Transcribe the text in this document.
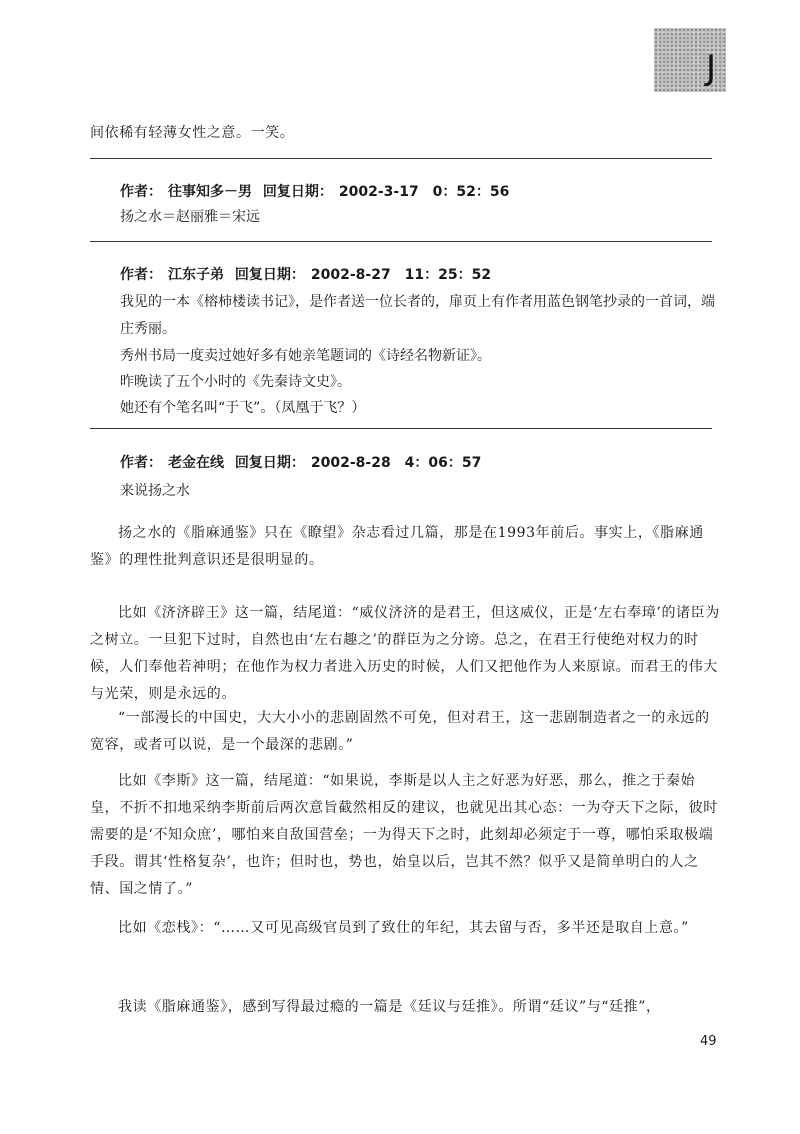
J

间依稀有轻薄女性之意。一笑。

作者： 往事知多－男 回复日期： 2002-3-17　0：52：56

扬之水＝赵丽雅＝宋远

作者： 江东子弟 回复日期： 2002-8-27　11：25：52

我见的一本《榕柿楼读书记》，是作者送一位长者的，扉页上有作者用蓝色钢笔抄录的一首词，端庄秀丽。

秀州书局一度卖过她好多有她亲笔题词的《诗经名物新证》。

昨晚读了五个小时的《先秦诗文史》。

她还有个笔名叫“于飞”。（凤凰于飞？）

作者： 老金在线 回复日期： 2002-8-28　4：06：57

来说扬之水

扬之水的《脂麻通鉴》只在《瞭望》杂志看过几篇，那是在1993年前后。事实上，《脂麻通鉴》的理性批判意识还是很明显的。

比如《济济辟王》这一篇，结尾道：“威仪济济的是君王，但这威仪，正是‘左右奉璋’的诸臣为之树立。一旦犯下过时，自然也由‘左右趣之’的群臣为之分谤。总之，在君王行使绝对权力的时候，人们奉他若神明；在他作为权力者进入历史的时候，人们又把他作为人来原谅。而君王的伟大与光荣，则是永远的。

“一部漫长的中国史，大大小小的悲剧固然不可免，但对君王，这一悲剧制造者之一的永远的宽容，或者可以说，是一个最深的悲剧。”

比如《李斯》这一篇，结尾道：“如果说，李斯是以人主之好恶为好恶，那么，推之于秦始皇，不折不扣地采纳李斯前后两次意旨截然相反的建议，也就见出其心态：一为夺天下之际，彼时需要的是‘不知众庶’，哪怕来自敌国营垒；一为得天下之时，此刻却必须定于一尊，哪怕采取极端手段。谓其‘性格复杂’，也许；但时也，势也，始皇以后，岂其不然？似乎又是简单明白的人之情、国之情了。”

比如《恋栈》：“……又可见高级官员到了致仕的年纪，其去留与否，多半还是取自上意。”

我读《脂麻通鉴》，感到写得最过瘾的一篇是《廷议与廷推》。所谓“廷议”与“廷推”，

49
